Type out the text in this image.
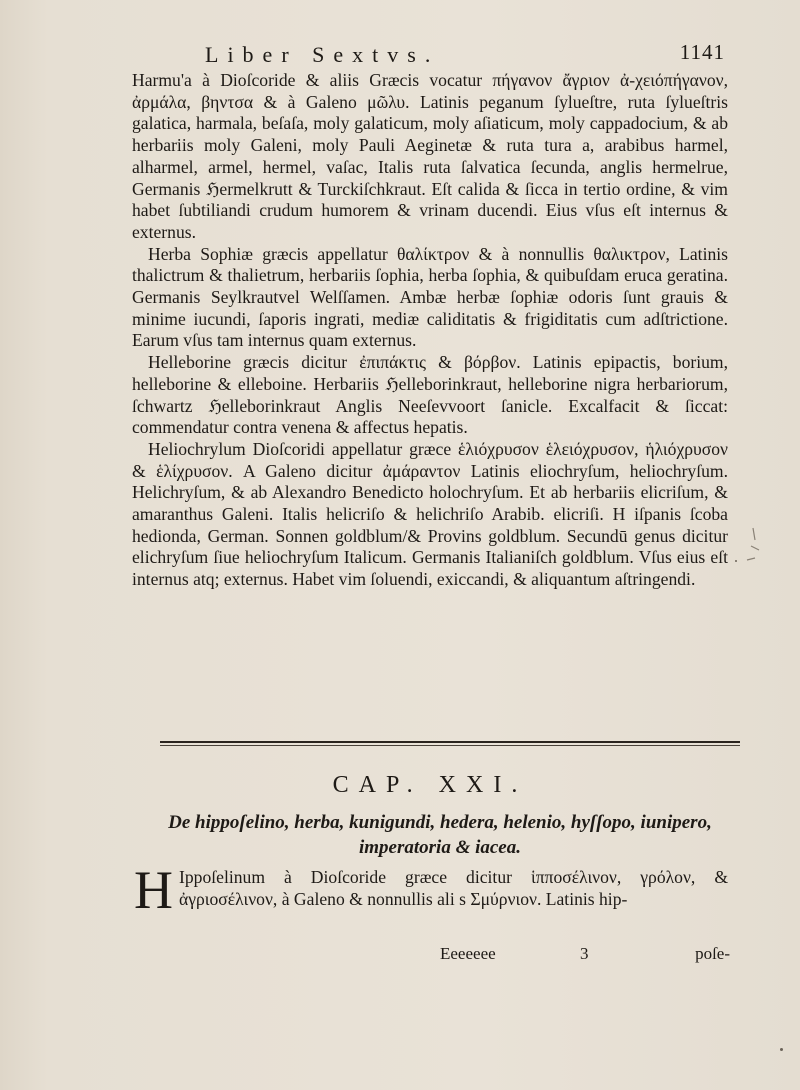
Liber Sextvs.	1141

Harmu'a à Dioſcoride & aliis Græcis vocatur πήγανον ἄγριον ἀ-χειόπήγανον, ἀρμάλα, βηντσα & à Galeno μῶλυ. Latinis peganum ſylueſtre, ruta ſylueſtris galatica, harmala, beſaſa, moly galaticum, moly aſiaticum, moly cappadocium, & ab herbariis moly Galeni, moly Pauli Aeginetæ & ruta tura a, arabibus harmel, alharmel, armel, hermel, vaſac, Italis ruta ſalvatica ſecunda, anglis hermelrue, Germanis ℌermelkrutt & Turckiſchkraut. Eſt calida & ſicca in tertio ordine, & vim habet ſubtiliandi crudum humorem & vrinam ducendi. Eius vſus eſt internus & externus.

Herba Sophiæ græcis appellatur θαλίκτρον & à nonnullis θαλικτρον, Latinis thalictrum & thalietrum, herbariis ſophia, herba ſophia, & quibuſdam eruca geratina. Germanis Seylkrautvel Welſſamen. Ambæ herbæ ſophiæ odoris ſunt grauis & minime iucundi, ſaporis ingrati, mediæ caliditatis & frigiditatis cum adſtrictione. Earum vſus tam internus quam externus.

Helleborine græcis dicitur ἐπιπάκτις & βόρβον. Latinis epipactis, borium, helleborine & elleboine. Herbariis ℌelleborinkraut, helleborine nigra herbariorum, ſchwartz ℌelleborinkraut Anglis Neeſevvoort ſanicle. Excalfacit & ſiccat: commendatur contra venena & affectus hepatis.

Heliochrylum Dioſcoridi appellatur græce ἑλιόχρυσον ἑλειόχρυσον, ἡλιόχρυσον & ἑλίχρυσον. A Galeno dicitur ἀμάραντον Latinis eliochryſum, heliochryſum. Helichryſum, & ab Alexandro Benedicto holochryſum. Et ab herbariis elicriſum, & amaranthus Galeni. Italis helicriſo & helichriſo Arabib. elicriſi. H iſpanis ſcoba hedionda, German. Sonnen goldblum/& Provins goldblum. Secundū genus dicitur elichryſum ſiue heliochryſum Italicum. Germanis Italianiſch goldblum. Vſus eius eſt internus atq; externus. Habet vim ſoluendi, exiccandi, & aliquantum aſtringendi.

CAP. XXI.
De hippoſelino, herba, kunigundi, hedera, helenio, hyſſopo, iunipero, imperatoria & iacea.
H Ippoſelinum à Dioſcoride græce dicitur ἱπποσέλινον, γρόλον, & ἀγριοσέλινον, à Galeno & nonnullis ali s Σμύρνιον. Latinis hip-
Eeeeeee	3	poſe-
